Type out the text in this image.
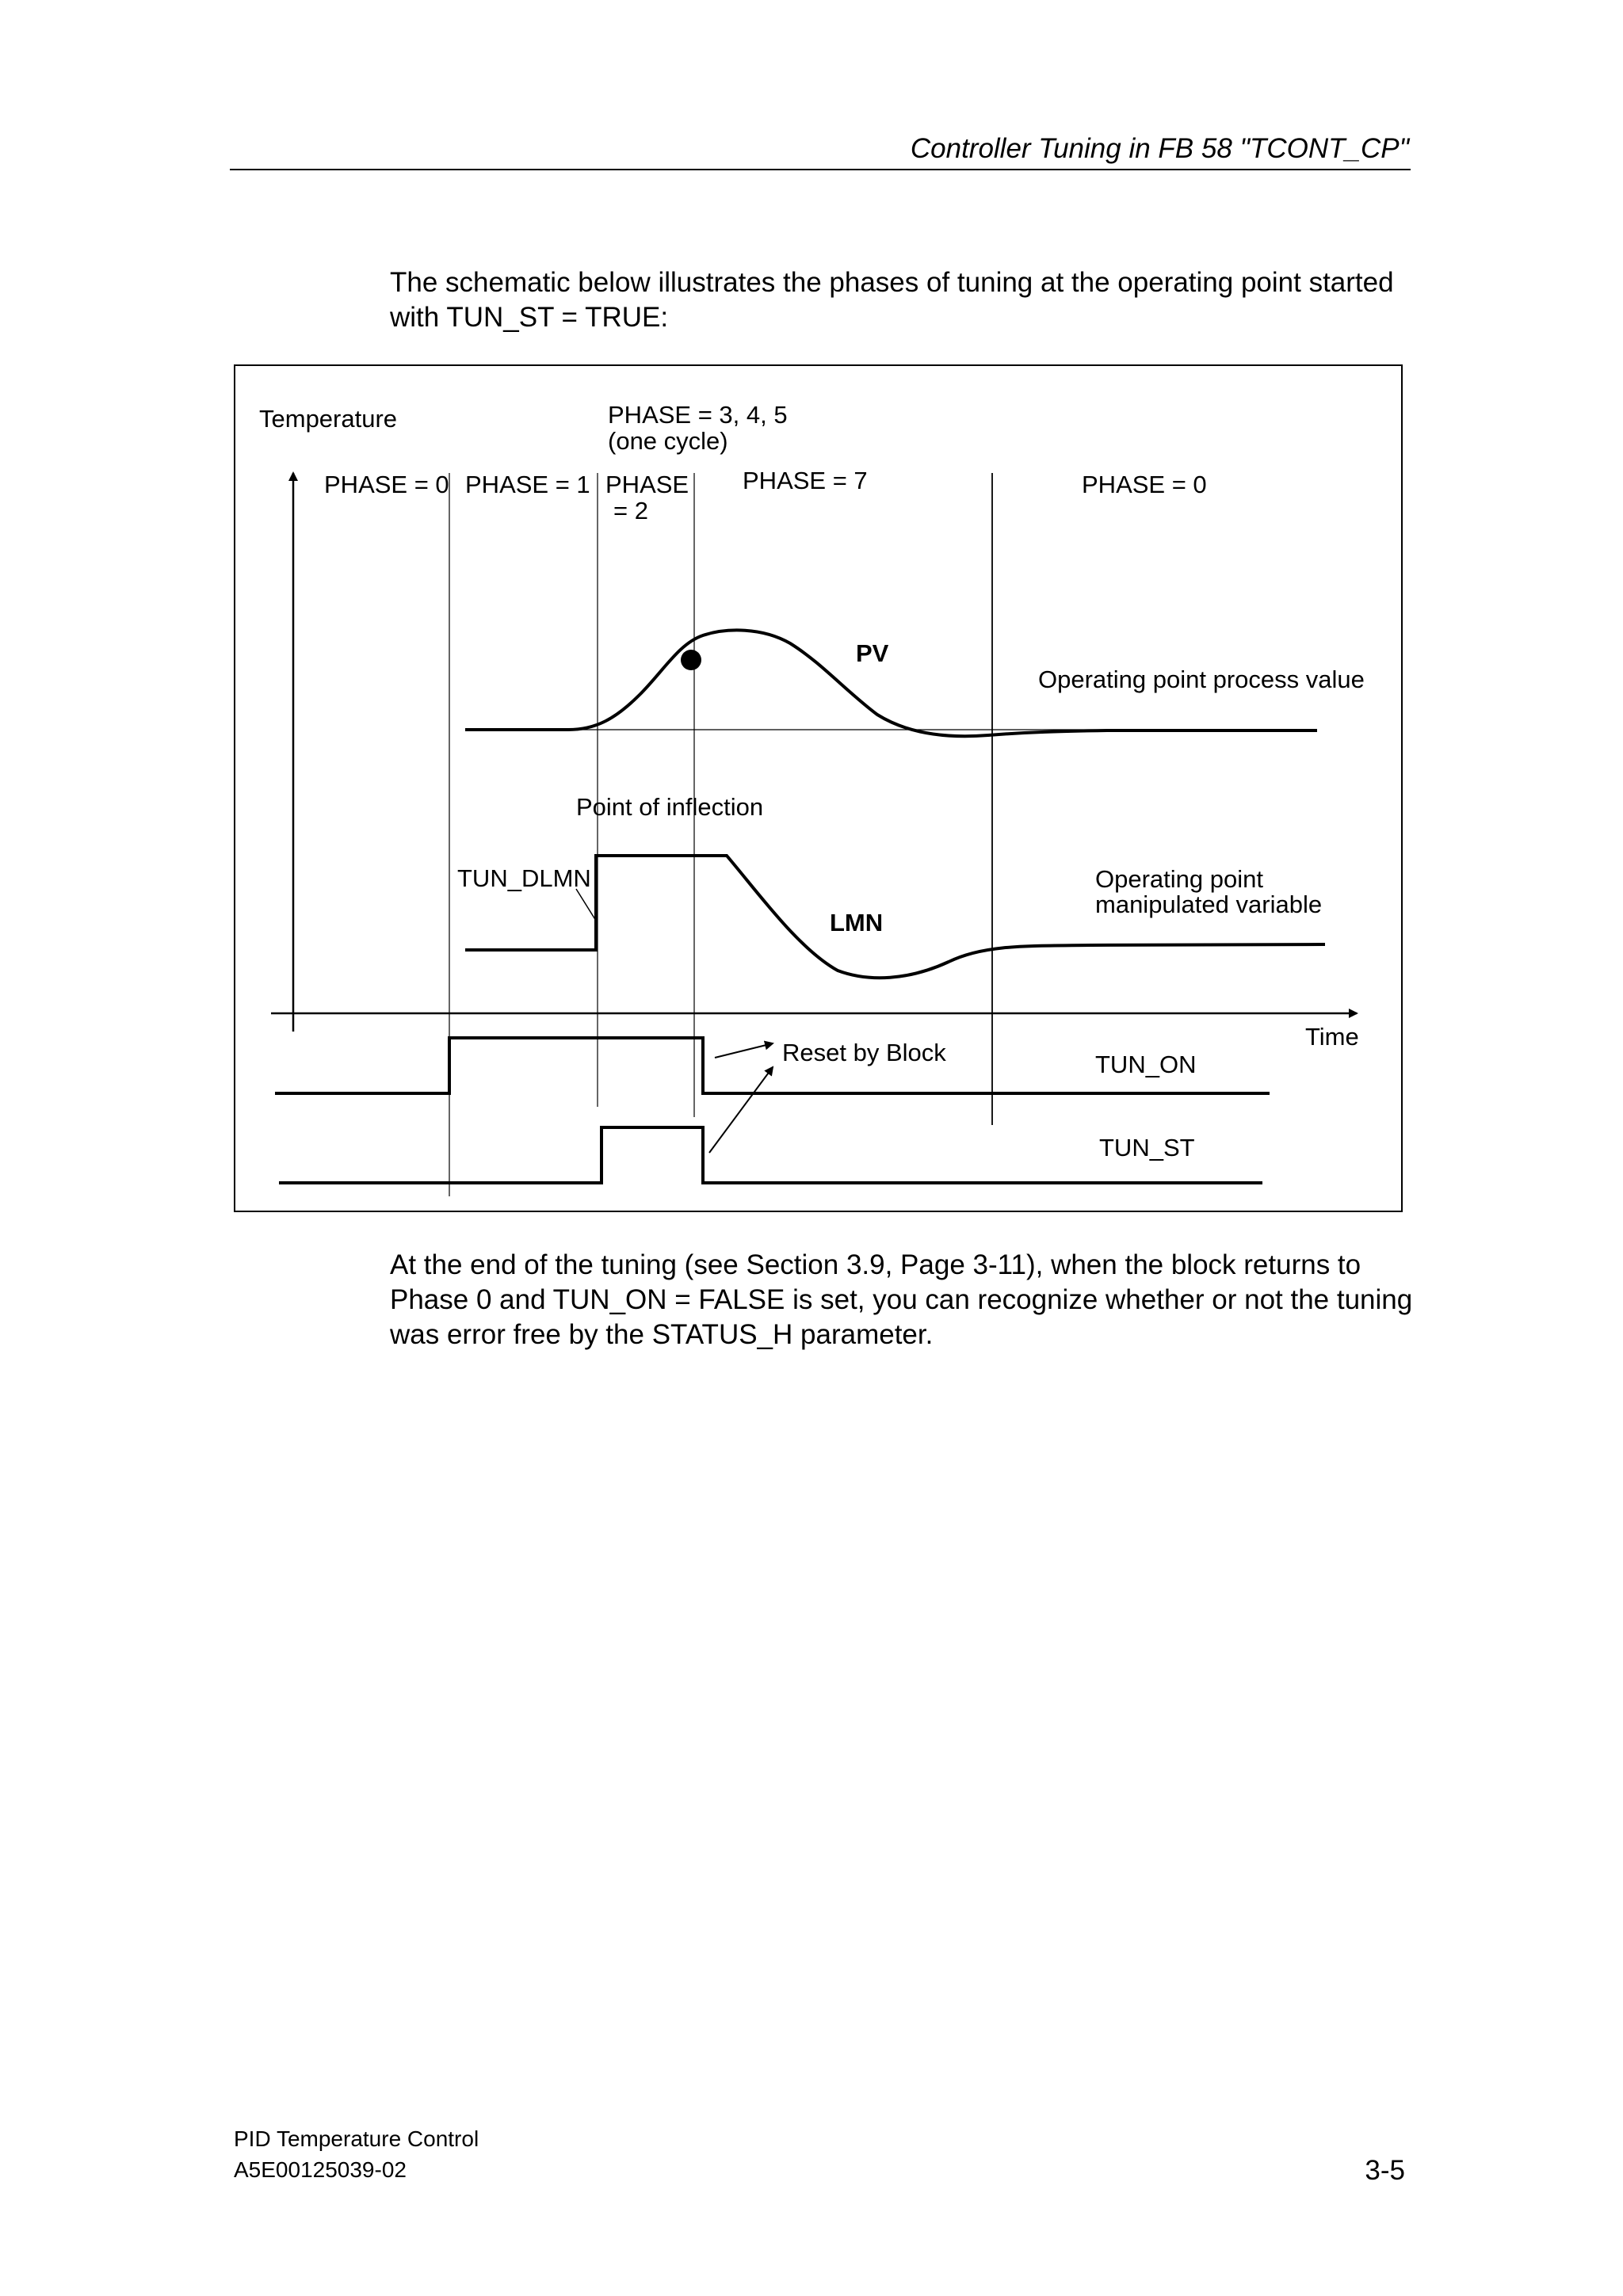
Controller Tuning in FB 58 "TCONT_CP"

The schematic below illustrates the phases of tuning at the operating point started with TUN_ST = TRUE:

Temperature	PHASE = 3, 4, 5
(one cycle)
PHASE = 0 PHASE = 1 PHASE
= 2
PHASE = 7	PHASE = 0
PV
Operating point process value
Point of inflection
TUN_DLMN
LMN
Operating point
manipulated variable
Time
Reset by Block	TUN_ON
TUN_ST

At the end of the tuning (see Section 3.9, Page 3-11), when the block returns to Phase 0 and TUN_ON = FALSE is set, you can recognize whether or not the tuning was error free by the STATUS_H parameter.

PID Temperature Control
A5E00125039-02	3-5
